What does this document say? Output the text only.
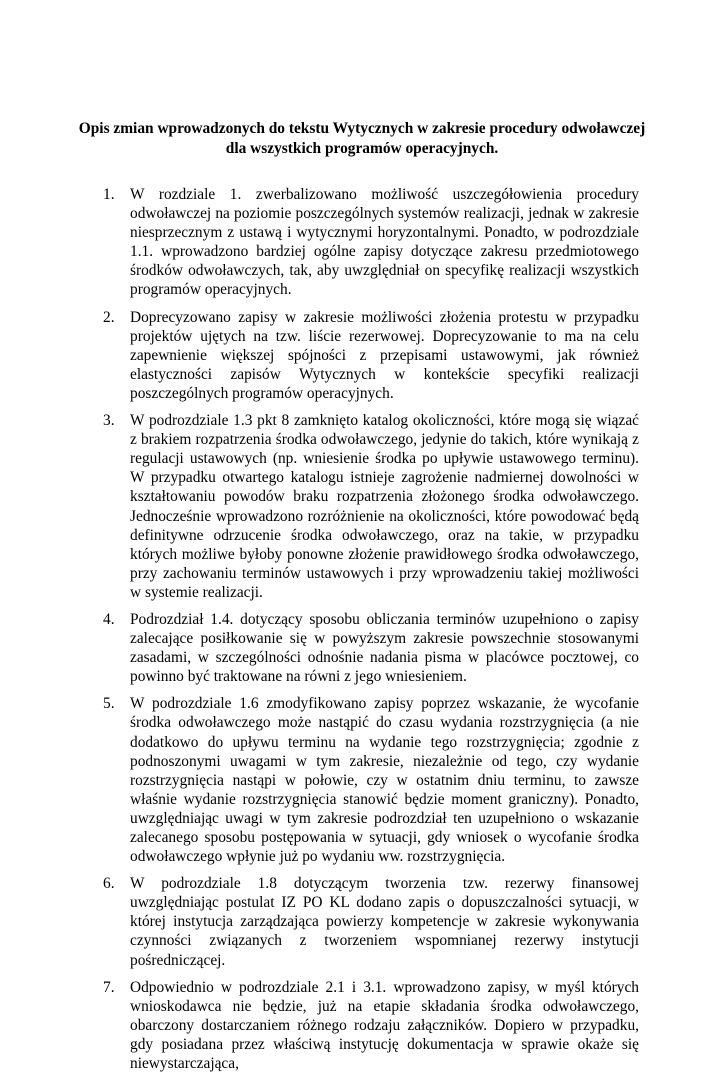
Opis zmian wprowadzonych do tekstu Wytycznych w zakresie procedury odwoławczej
dla wszystkich programów operacyjnych.
1. W rozdziale 1. zwerbalizowano możliwość uszczegółowienia procedury odwoławczej na poziomie poszczególnych systemów realizacji, jednak w zakresie niesprzecznym z ustawą i wytycznymi horyzontalnymi. Ponadto, w podrozdziale 1.1. wprowadzono bardziej ogólne zapisy dotyczące zakresu przedmiotowego środków odwoławczych, tak, aby uwzględniał on specyfikę realizacji wszystkich programów operacyjnych.
2. Doprecyzowano zapisy w zakresie możliwości złożenia protestu w przypadku projektów ujętych na tzw. liście rezerwowej. Doprecyzowanie to ma na celu zapewnienie większej spójności z przepisami ustawowymi, jak również elastyczności zapisów Wytycznych w kontekście specyfiki realizacji poszczególnych programów operacyjnych.
3. W podrozdziale 1.3 pkt 8 zamknięto katalog okoliczności, które mogą się wiązać z brakiem rozpatrzenia środka odwoławczego, jedynie do takich, które wynikają z regulacji ustawowych (np. wniesienie środka po upływie ustawowego terminu). W przypadku otwartego katalogu istnieje zagrożenie nadmiernej dowolności w kształtowaniu powodów braku rozpatrzenia złożonego środka odwoławczego. Jednocześnie wprowadzono rozróżnienie na okoliczności, które powodować będą definitywne odrzucenie środka odwoławczego, oraz na takie, w przypadku których możliwe byłoby ponowne złożenie prawidłowego środka odwoławczego, przy zachowaniu terminów ustawowych i przy wprowadzeniu takiej możliwości w systemie realizacji.
4. Podrozdział 1.4. dotyczący sposobu obliczania terminów uzupełniono o zapisy zalecające posiłkowanie się w powyższym zakresie powszechnie stosowanymi zasadami, w szczególności odnośnie nadania pisma w placówce pocztowej, co powinno być traktowane na równi z jego wniesieniem.
5. W podrozdziale 1.6 zmodyfikowano zapisy poprzez wskazanie, że wycofanie środka odwoławczego może nastąpić do czasu wydania rozstrzygnięcia (a nie dodatkowo do upływu terminu na wydanie tego rozstrzygnięcia; zgodnie z podnoszonymi uwagami w tym zakresie, niezależnie od tego, czy wydanie rozstrzygnięcia nastąpi w połowie, czy w ostatnim dniu terminu, to zawsze właśnie wydanie rozstrzygnięcia stanowić będzie moment graniczny). Ponadto, uwzględniając uwagi w tym zakresie podrozdział ten uzupełniono o wskazanie zalecanego sposobu postępowania w sytuacji, gdy wniosek o wycofanie środka odwoławczego wpłynie już po wydaniu ww. rozstrzygnięcia.
6. W podrozdziale 1.8 dotyczącym tworzenia tzw. rezerwy finansowej uwzględniając postulat IZ PO KL dodano zapis o dopuszczalności sytuacji, w której instytucja zarządzająca powierzy kompetencje w zakresie wykonywania czynności związanych z tworzeniem wspomnianej rezerwy instytucji pośredniczącej.
7. Odpowiednio w podrozdziale 2.1 i 3.1. wprowadzono zapisy, w myśl których wnioskodawca nie będzie, już na etapie składania środka odwoławczego, obarczony dostarczaniem różnego rodzaju załączników. Dopiero w przypadku, gdy posiadana przez właściwą instytucję dokumentacja w sprawie okaże się niewystarczająca,
